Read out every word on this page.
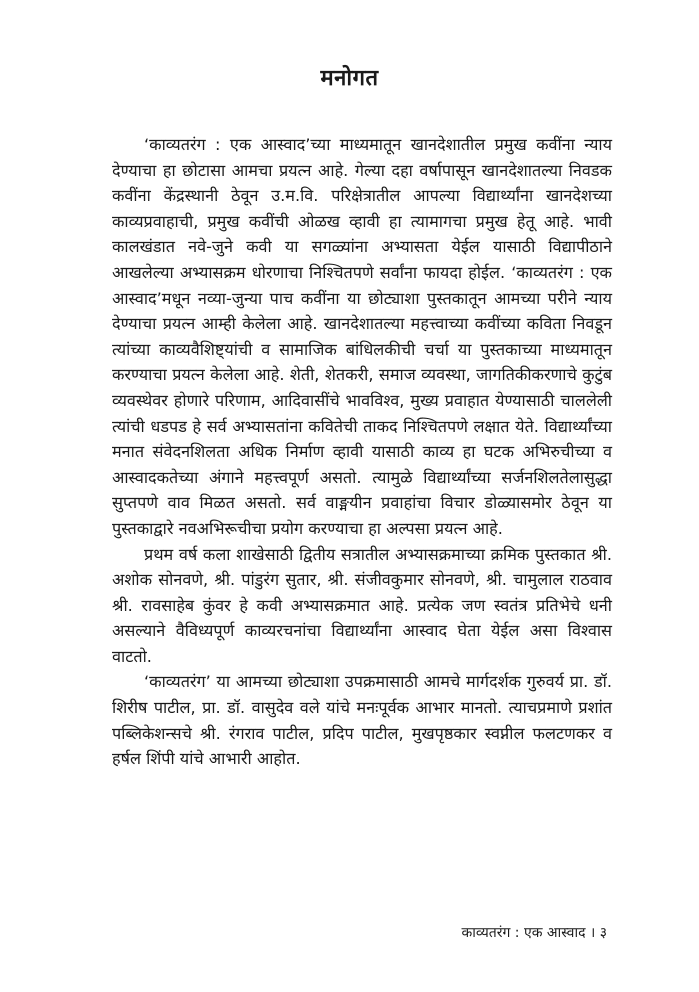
मनोगत

‘काव्यतरंग : एक आस्वाद’च्या माध्यमातून खानदेशातील प्रमुख कवींना न्याय देण्याचा हा छोटासा आमचा प्रयत्न आहे. गेल्या दहा वर्षापासून खानदेशातल्या निवडक कवींना केंद्रस्थानी ठेवून उ.म.वि. परिक्षेत्रातील आपल्या विद्यार्थ्यांना खानदेशच्या काव्यप्रवाहाची, प्रमुख कवींची ओळख व्हावी हा त्यामागचा प्रमुख हेतू आहे. भावी कालखंडात नवे-जुने कवी या सगळ्यांना अभ्यासता येईल यासाठी विद्यापीठाने आखलेल्या अभ्यासक्रम धोरणाचा निश्चितपणे सर्वांना फायदा होईल. ‘काव्यतरंग : एक आस्वाद’मधून नव्या-जुन्या पाच कवींना या छोट्याशा पुस्तकातून आमच्या परीने न्याय देण्याचा प्रयत्न आम्ही केलेला आहे. खानदेशातल्या महत्त्वाच्या कवींच्या कविता निवडून त्यांच्या काव्यवैशिष्ट्यांची व सामाजिक बांधिलकीची चर्चा या पुस्तकाच्या माध्यमातून करण्याचा प्रयत्न केलेला आहे. शेती, शेतकरी, समाज व्यवस्था, जागतिकीकरणाचे कुटुंब व्यवस्थेवर होणारे परिणाम, आदिवासींचे भावविश्व, मुख्य प्रवाहात येण्यासाठी चाललेली त्यांची धडपड हे सर्व अभ्यासतांना कवितेची ताकद निश्चितपणे लक्षात येते. विद्यार्थ्यांच्या मनात संवेदनशिलता अधिक निर्माण व्हावी यासाठी काव्य हा घटक अभिरुचीच्या व आस्वादकतेच्या अंगाने महत्त्वपूर्ण असतो. त्यामुळे विद्यार्थ्यांच्या सर्जनशिलतेलासुद्धा सुप्तपणे वाव मिळत असतो. सर्व वाङ्मयीन प्रवाहांचा विचार डोळ्यासमोर ठेवून या पुस्तकाद्वारे नवअभिरूचीचा प्रयोग करण्याचा हा अल्पसा प्रयत्न आहे.

प्रथम वर्ष कला शाखेसाठी द्वितीय सत्रातील अभ्यासक्रमाच्या क्रमिक पुस्तकात श्री. अशोक सोनवणे, श्री. पांडुरंग सुतार, श्री. संजीवकुमार सोनवणे, श्री. चामुलाल राठवाव श्री. रावसाहेब कुंवर हे कवी अभ्यासक्रमात आहे. प्रत्येक जण स्वतंत्र प्रतिभेचे धनी असल्याने वैविध्यपूर्ण काव्यरचनांचा विद्यार्थ्यांना आस्वाद घेता येईल असा विश्वास वाटतो.

‘काव्यतरंग’ या आमच्या छोट्याशा उपक्रमासाठी आमचे मार्गदर्शक गुरुवर्य प्रा. डॉ. शिरीष पाटील, प्रा. डॉ. वासुदेव वले यांचे मनःपूर्वक आभार मानतो. त्याचप्रमाणे प्रशांत पब्लिकेशन्सचे श्री. रंगराव पाटील, प्रदिप पाटील, मुखपृष्ठकार स्वप्नील फलटणकर व हर्षल शिंपी यांचे आभारी आहोत.

काव्यतरंग : एक आस्वाद । ३
